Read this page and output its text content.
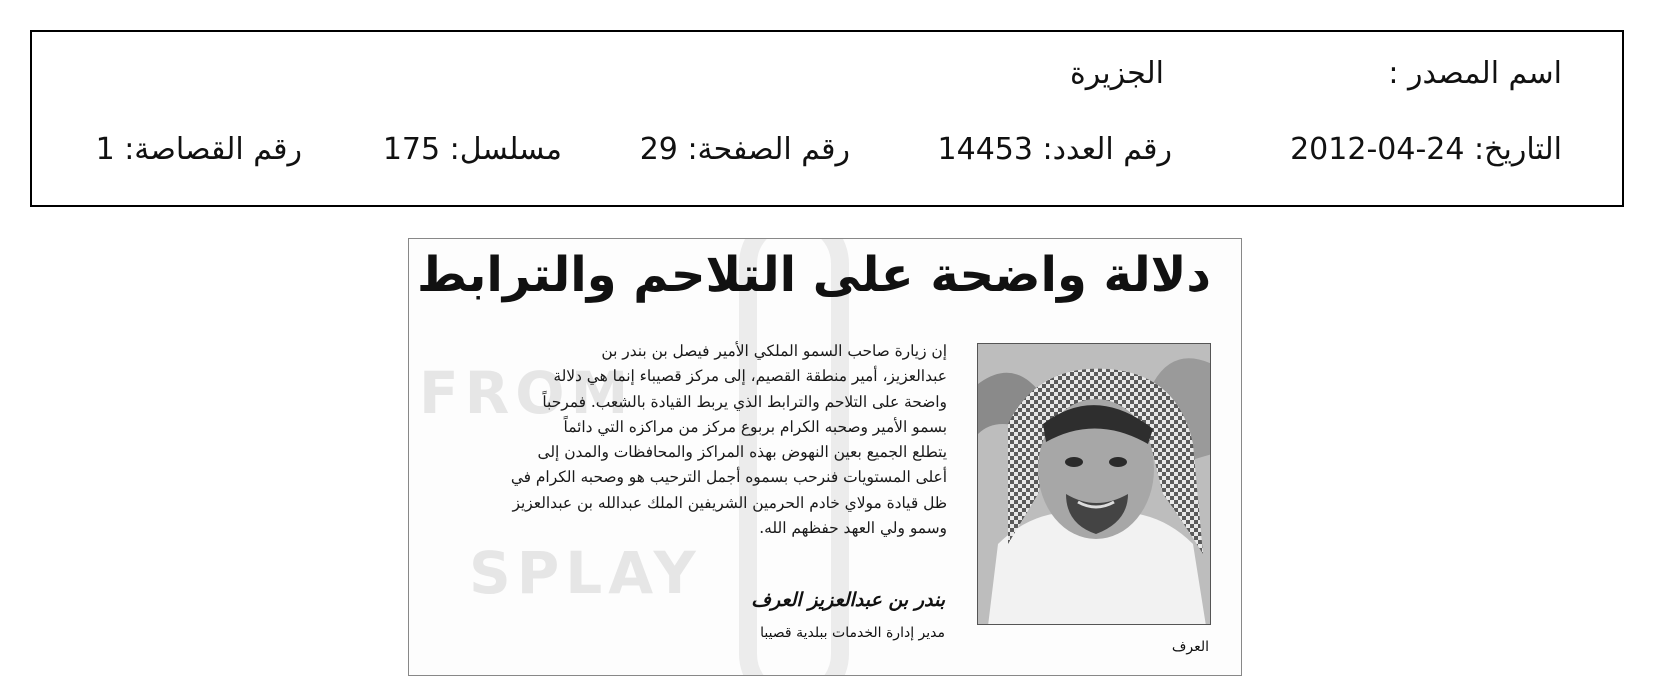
اسم المصدر :
الجزيرة
التاريخ: 24-04-2012
رقم العدد: 14453
رقم الصفحة: 29
مسلسل: 175
رقم القصاصة: 1
FROM
SPLAY
دلالة واضحة على التلاحم والترابط
العرف
إن زيارة صاحب السمو الملكي الأمير فيصل بن بندر بن
عبدالعزيز، أمير منطقة القصيم، إلى مركز قصيباء إنما هي دلالة
واضحة على التلاحم والترابط الذي يربط القيادة بالشعب. فمرحباً
بسمو الأمير وصحبه الكرام بربوع مركز من مراكزه التي دائماً
يتطلع الجميع بعين النهوض بهذه المراكز والمحافظات والمدن إلى
أعلى المستويات فنرحب بسموه أجمل الترحيب هو وصحبه الكرام في
ظل قيادة مولاي خادم الحرمين الشريفين الملك عبدالله بن عبدالعزيز
وسمو ولي العهد حفظهم الله.
بندر بن عبدالعزيز العرف
مدير إدارة الخدمات ببلدية قصيبا
